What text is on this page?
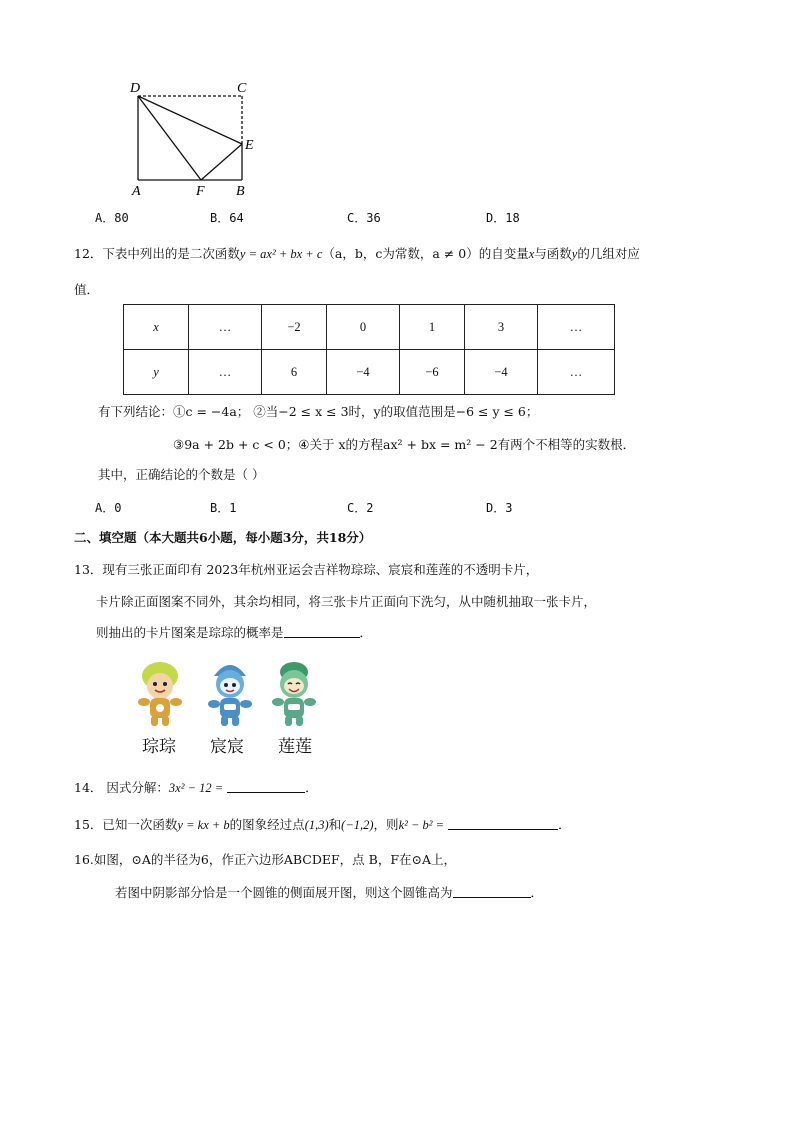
D	C
E
A	F B
A．80	B．64	C．36	D．18
12．下表中列出的是二次函数y = ax² + bx + c（a，b，c为常数，a ≠ 0）的自变量x与函数y的几组对应
值．
x	…	−2	0	1	3	…
y	…	6	−4	−6	−4	…
有下列结论：①c = −4a； ②当−2 ≤ x ≤ 3时，y的取值范围是−6 ≤ y ≤ 6；
③9a + 2b + c < 0；④关于 x的方程ax² + bx = m² − 2有两个不相等的实数根．
其中，正确结论的个数是（ ）
A．0	B．1	C．2	D．3
二、填空题（本大题共6小题，每小题3分，共18分）
13．现有三张正面印有 2023年杭州亚运会吉祥物琮琮、宸宸和莲莲的不透明卡片，
卡片除正面图案不同外，其余均相同，将三张卡片正面向下洗匀，从中随机抽取一张卡片，
则抽出的卡片图案是琮琮的概率是	．
琮琮 宸宸 莲莲
14． 因式分解：3x² − 12 =	．
15．已知一次函数y = kx + b的图象经过点(1,3)和(−1,2)，则k² − b² =	．
16.如图，⊙A的半径为6，作正六边形ABCDEF，点 B，F在⊙A上，
若图中阴影部分恰是一个圆锥的侧面展开图，则这个圆锥高为	．
